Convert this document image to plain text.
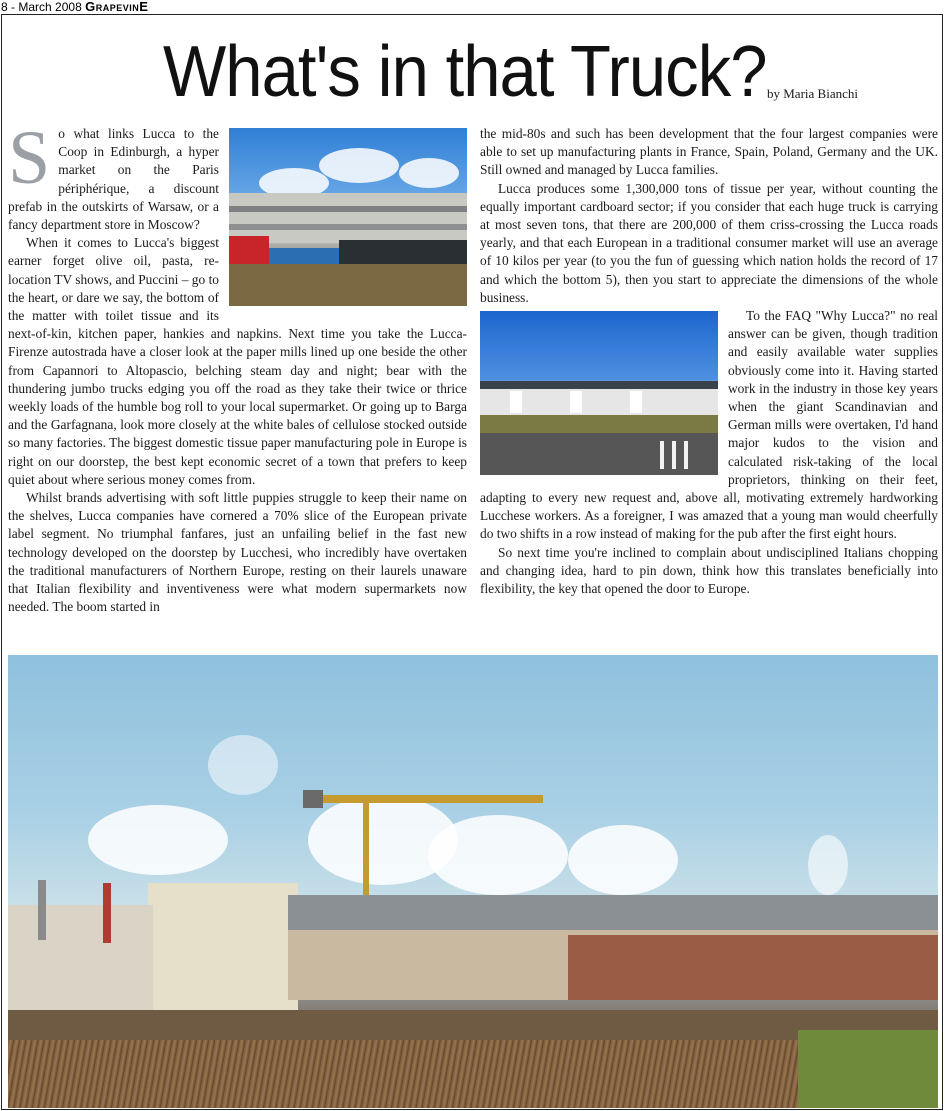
8 - March 2008 GrapevinE
What's in that Truck? by Maria Bianchi

So what links Lucca to the Coop in Edinburgh, a hyper market on the Paris périphérique, a discount prefab in the outskirts of Warsaw, or a fancy department store in Moscow?

When it comes to Lucca's biggest earner forget olive oil, pasta, re-location TV shows, and Puccini – go to the heart, or dare we say, the bottom of the matter with toilet tissue and its next-of-kin, kitchen paper, hankies and napkins. Next time you take the Lucca-Firenze autostrada have a closer look at the paper mills lined up one beside the other from Capannori to Altopascio, belching steam day and night; bear with the thundering jumbo trucks edging you off the road as they take their twice or thrice weekly loads of the humble bog roll to your local supermarket. Or going up to Barga and the Garfagnana, look more closely at the white bales of cellulose stocked outside so many factories. The biggest domestic tissue paper manufacturing pole in Europe is right on our doorstep, the best kept economic secret of a town that prefers to keep quiet about where serious money comes from.

Whilst brands advertising with soft little puppies struggle to keep their name on the shelves, Lucca companies have cornered a 70% slice of the European private label segment. No triumphal fanfares, just an unfailing belief in the fast new technology developed on the doorstep by Lucchesi, who incredibly have overtaken the traditional manufacturers of Northern Europe, resting on their laurels unaware that Italian flexibility and inventiveness were what modern supermarkets now needed. The boom started in

the mid-80s and such has been development that the four largest companies were able to set up manufacturing plants in France, Spain, Poland, Germany and the UK. Still owned and managed by Lucca families.

Lucca produces some 1,300,000 tons of tissue per year, without counting the equally important cardboard sector; if you consider that each huge truck is carrying at most seven tons, that there are 200,000 of them criss-crossing the Lucca roads yearly, and that each European in a traditional consumer market will use an average of 10 kilos per year (to you the fun of guessing which nation holds the record of 17 and which the bottom 5), then you start to appreciate the dimensions of the whole business.

To the FAQ "Why Lucca?" no real answer can be given, though tradition and easily available water supplies obviously come into it. Having started work in the industry in those key years when the giant Scandinavian and German mills were overtaken, I'd hand major kudos to the vision and calculated risk-taking of the local proprietors, thinking on their feet, adapting to every new request and, above all, motivating extremely hardworking Lucchese workers. As a foreigner, I was amazed that a young man would cheerfully do two shifts in a row instead of making for the pub after the first eight hours.

So next time you're inclined to complain about undisciplined Italians chopping and changing idea, hard to pin down, think how this translates beneficially into flexibility, the key that opened the door to Europe.
